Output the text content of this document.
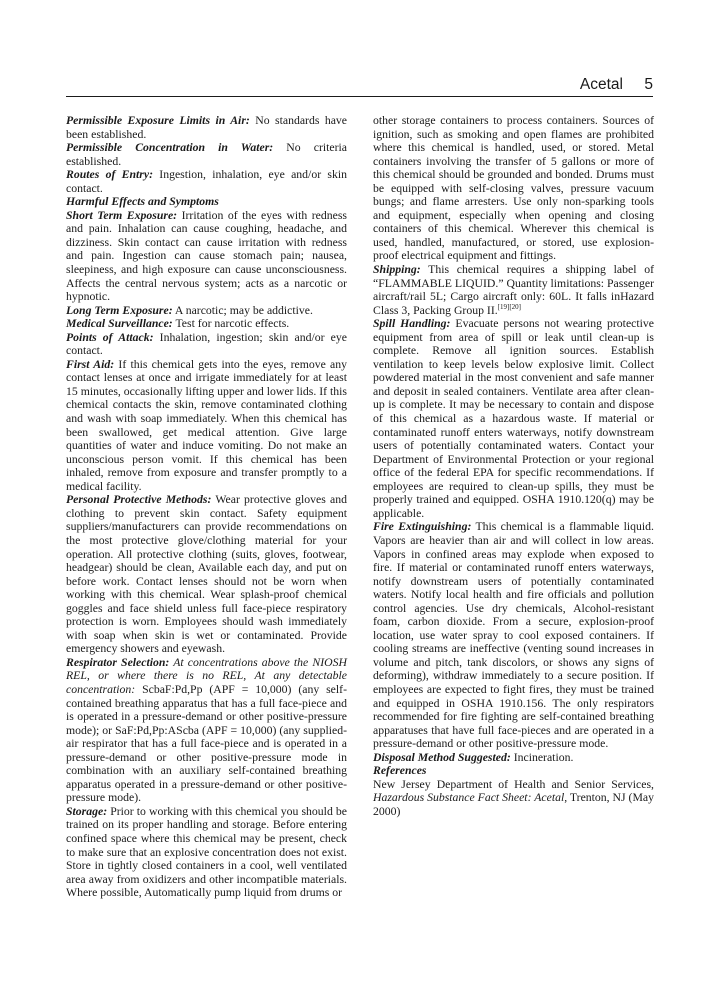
Acetal 5

Permissible Exposure Limits in Air: No standards have been established.

Permissible Concentration in Water: No criteria established.

Routes of Entry: Ingestion, inhalation, eye and/or skin contact.

Harmful Effects and Symptoms

Short Term Exposure: Irritation of the eyes with redness and pain. Inhalation can cause coughing, headache, and dizziness. Skin contact can cause irritation with redness and pain. Ingestion can cause stomach pain; nausea, sleepiness, and high exposure can cause unconsciousness. Affects the central nervous system; acts as a narcotic or hypnotic.

Long Term Exposure: A narcotic; may be addictive.

Medical Surveillance: Test for narcotic effects.

Points of Attack: Inhalation, ingestion; skin and/or eye contact.

First Aid: If this chemical gets into the eyes, remove any contact lenses at once and irrigate immediately for at least 15 minutes, occasionally lifting upper and lower lids. If this chemical contacts the skin, remove contaminated clothing and wash with soap immediately. When this chemical has been swallowed, get medical attention. Give large quantities of water and induce vomiting. Do not make an unconscious person vomit. If this chemical has been inhaled, remove from exposure and transfer promptly to a medical facility.

Personal Protective Methods: Wear protective gloves and clothing to prevent skin contact. Safety equipment suppliers/manufacturers can provide recommendations on the most protective glove/clothing material for your operation. All protective clothing (suits, gloves, footwear, headgear) should be clean, Available each day, and put on before work. Contact lenses should not be worn when working with this chemical. Wear splash-proof chemical goggles and face shield unless full face-piece respiratory protection is worn. Employees should wash immediately with soap when skin is wet or contaminated. Provide emergency showers and eyewash.

Respirator Selection: At concentrations above the NIOSH REL, or where there is no REL, At any detectable concentration: ScbaF:Pd,Pp (APF = 10,000) (any self-contained breathing apparatus that has a full face-piece and is operated in a pressure-demand or other positive-pressure mode); or SaF:Pd,Pp:AScba (APF = 10,000) (any supplied-air respirator that has a full face-piece and is operated in a pressure-demand or other positive-pressure mode in combination with an auxiliary self-contained breathing apparatus operated in a pressure-demand or other positive-pressure mode).

Storage: Prior to working with this chemical you should be trained on its proper handling and storage. Before entering confined space where this chemical may be present, check to make sure that an explosive concentration does not exist. Store in tightly closed containers in a cool, well ventilated area away from oxidizers and other incompatible materials. Where possible, Automatically pump liquid from drums or

other storage containers to process containers. Sources of ignition, such as smoking and open flames are prohibited where this chemical is handled, used, or stored. Metal containers involving the transfer of 5 gallons or more of this chemical should be grounded and bonded. Drums must be equipped with self-closing valves, pressure vacuum bungs; and flame arresters. Use only non-sparking tools and equipment, especially when opening and closing containers of this chemical. Wherever this chemical is used, handled, manufactured, or stored, use explosion-proof electrical equipment and fittings.

Shipping: This chemical requires a shipping label of “FLAMMABLE LIQUID.” Quantity limitations: Passenger aircraft/rail 5L; Cargo aircraft only: 60L. It falls inHazard Class 3, Packing Group II.[19][20]

Spill Handling: Evacuate persons not wearing protective equipment from area of spill or leak until clean-up is complete. Remove all ignition sources. Establish ventilation to keep levels below explosive limit. Collect powdered material in the most convenient and safe manner and deposit in sealed containers. Ventilate area after clean-up is complete. It may be necessary to contain and dispose of this chemical as a hazardous waste. If material or contaminated runoff enters waterways, notify downstream users of potentially contaminated waters. Contact your Department of Environmental Protection or your regional office of the federal EPA for specific recommendations. If employees are required to clean-up spills, they must be properly trained and equipped. OSHA 1910.120(q) may be applicable.

Fire Extinguishing: This chemical is a flammable liquid. Vapors are heavier than air and will collect in low areas. Vapors in confined areas may explode when exposed to fire. If material or contaminated runoff enters waterways, notify downstream users of potentially contaminated waters. Notify local health and fire officials and pollution control agencies. Use dry chemicals, Alcohol-resistant foam, carbon dioxide. From a secure, explosion-proof location, use water spray to cool exposed containers. If cooling streams are ineffective (venting sound increases in volume and pitch, tank discolors, or shows any signs of deforming), withdraw immediately to a secure position. If employees are expected to fight fires, they must be trained and equipped in OSHA 1910.156. The only respirators recommended for fire fighting are self-contained breathing apparatuses that have full face-pieces and are operated in a pressure-demand or other positive-pressure mode.

Disposal Method Suggested: Incineration.

References

New Jersey Department of Health and Senior Services, Hazardous Substance Fact Sheet: Acetal, Trenton, NJ (May 2000)
